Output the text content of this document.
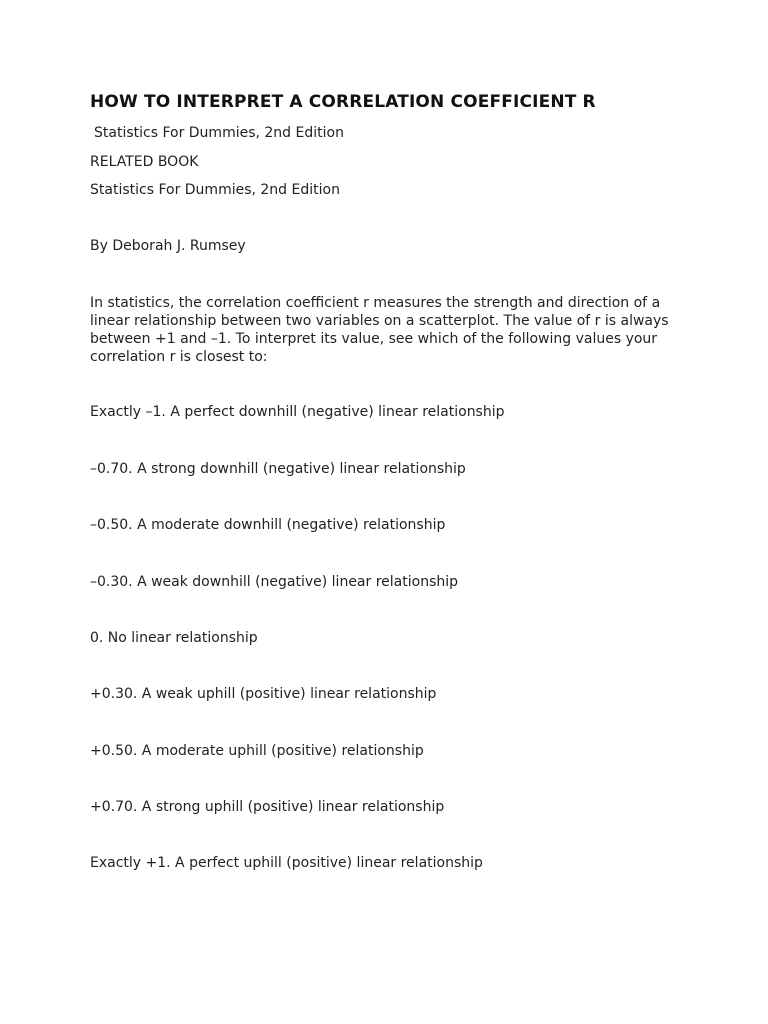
HOW TO INTERPRET A CORRELATION COEFFICIENT R

Statistics For Dummies, 2nd Edition

RELATED BOOK

Statistics For Dummies, 2nd Edition

By Deborah J. Rumsey

In statistics, the correlation coefficient r measures the strength and direction of a
linear relationship between two variables on a scatterplot. The value of r is always
between +1 and –1. To interpret its value, see which of the following values your
correlation r is closest to:

Exactly –1. A perfect downhill (negative) linear relationship
–0.70. A strong downhill (negative) linear relationship
–0.50. A moderate downhill (negative) relationship
–0.30. A weak downhill (negative) linear relationship
0. No linear relationship
+0.30. A weak uphill (positive) linear relationship
+0.50. A moderate uphill (positive) relationship
+0.70. A strong uphill (positive) linear relationship
Exactly +1. A perfect uphill (positive) linear relationship
